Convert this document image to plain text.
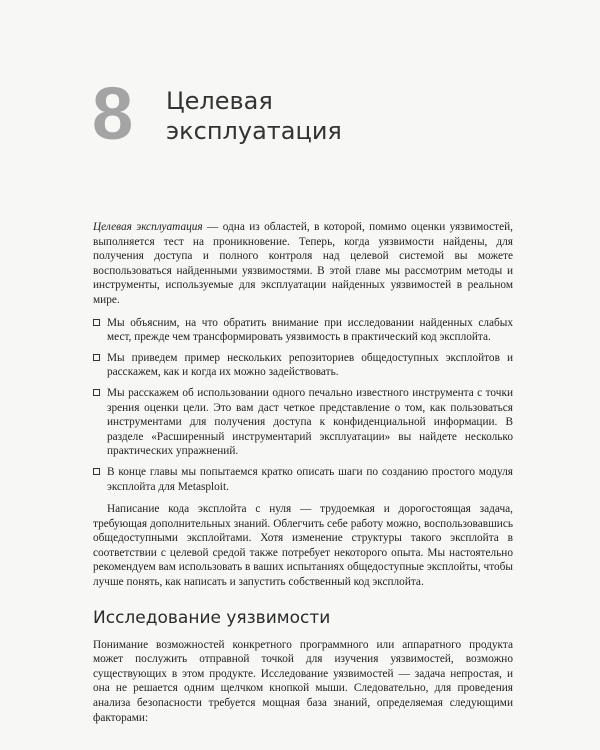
8	Целевая
эксплуатация

Целевая эксплуатация — одна из областей, в которой, помимо оценки уязвимостей, выполняется тест на проникновение. Теперь, когда уязвимости найдены, для получения доступа и полного контроля над целевой системой вы можете воспользоваться найденными уязвимостями. В этой главе мы рассмотрим методы и инструменты, используемые для эксплуатации найденных уязвимостей в реальном мире.

Мы объясним, на что обратить внимание при исследовании найденных слабых мест, прежде чем трансформировать уязвимость в практический код эксплойта.
Мы приведем пример нескольких репозиториев общедоступных эксплойтов и расскажем, как и когда их можно задействовать.
Мы расскажем об использовании одного печально известного инструмента с точки зрения оценки цели. Это вам даст четкое представление о том, как пользоваться инструментами для получения доступа к конфиденциальной информации. В разделе «Расширенный инструментарий эксплуатации» вы найдете несколько практических упражнений.
В конце главы мы попытаемся кратко описать шаги по созданию простого модуля эксплойта для Metasploit.

Написание кода эксплойта с нуля — трудоемкая и дорогостоящая задача, требующая дополнительных знаний. Облегчить себе работу можно, воспользовавшись общедоступными эксплойтами. Хотя изменение структуры такого эксплойта в соответствии с целевой средой также потребует некоторого опыта. Мы настоятельно рекомендуем вам использовать в ваших испытаниях общедоступные эксплойты, чтобы лучше понять, как написать и запустить собственный код эксплойта.

Исследование уязвимости

Понимание возможностей конкретного программного или аппаратного продукта может послужить отправной точкой для изучения уязвимостей, возможно существующих в этом продукте. Исследование уязвимостей — задача непростая, и она не решается одним щелчком кнопкой мыши. Следовательно, для проведения анализа безопасности требуется мощная база знаний, определяемая следующими факторами:
